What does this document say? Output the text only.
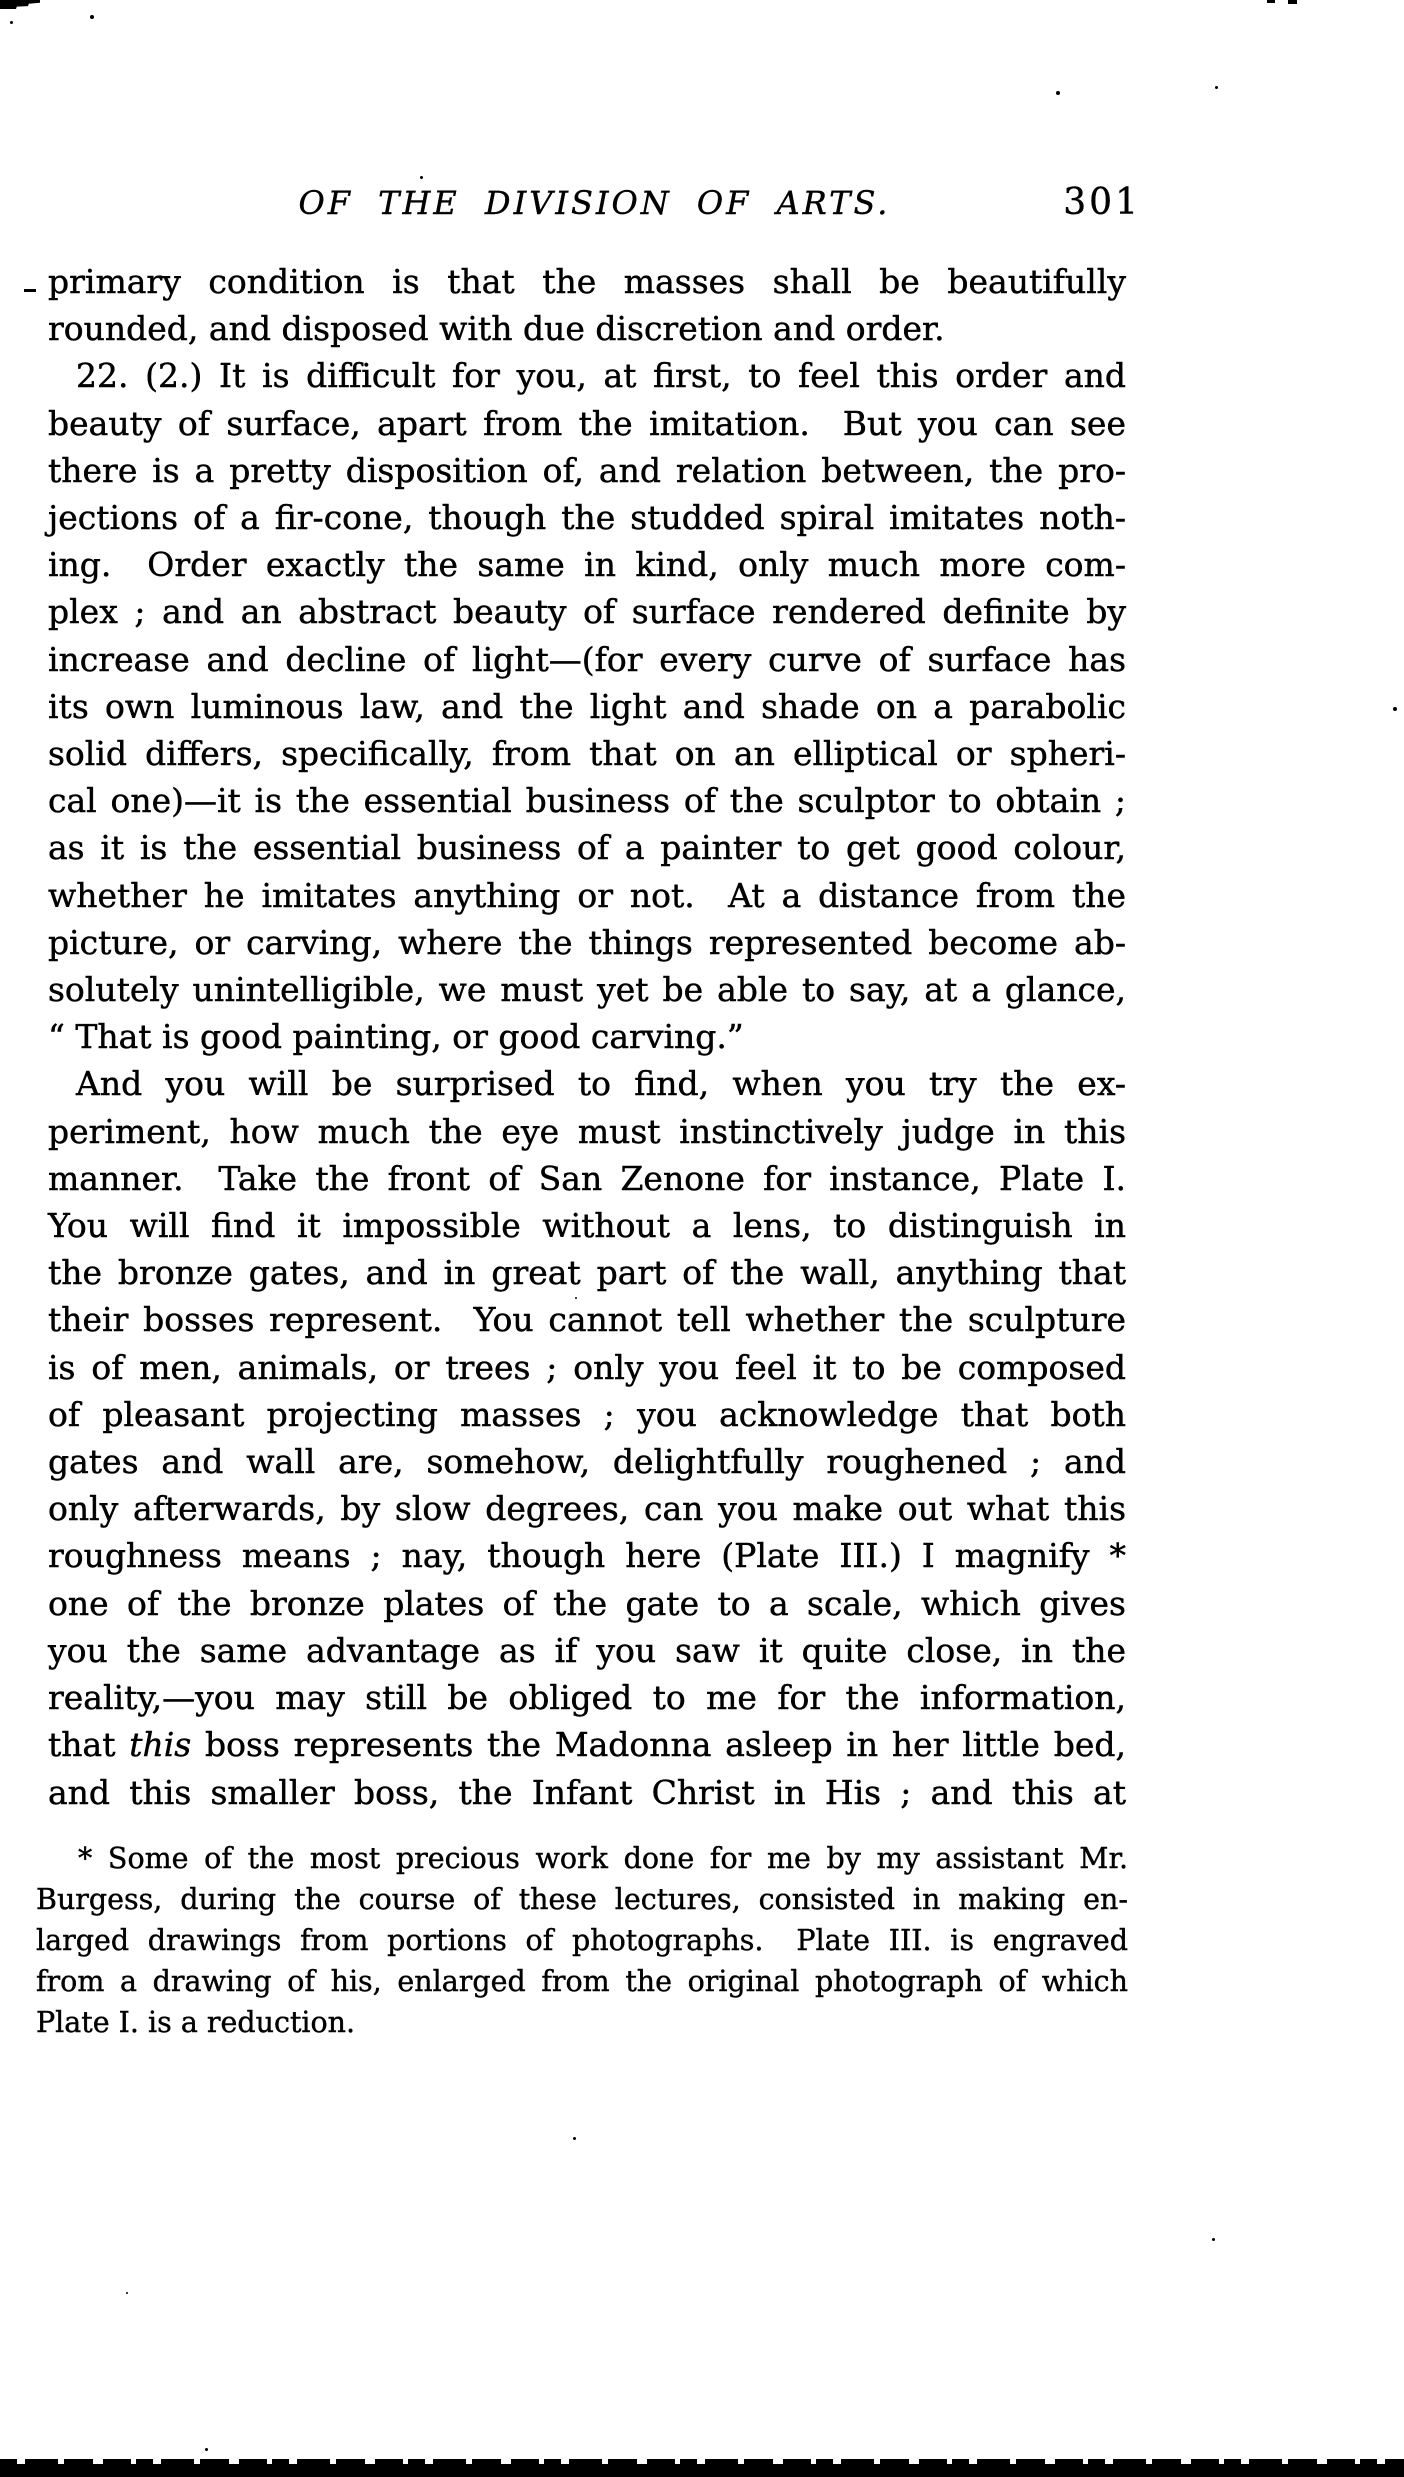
OF THE DIVISION OF ARTS.	301
primary condition is that the masses shall be beautifully
rounded, and disposed with due discretion and order.
22. (2.) It is difficult for you, at first, to feel this order and
beauty of surface, apart from the imitation.  But you can see
there is a pretty disposition of, and relation between, the pro-
jections of a fir-cone, though the studded spiral imitates noth-
ing.  Order exactly the same in kind, only much more com-
plex ; and an abstract beauty of surface rendered definite by
increase and decline of light—(for every curve of surface has
its own luminous law, and the light and shade on a parabolic
solid differs, specifically, from that on an elliptical or spheri-
cal one)—it is the essential business of the sculptor to obtain ;
as it is the essential business of a painter to get good colour,
whether he imitates anything or not.  At a distance from the
picture, or carving, where the things represented become ab-
solutely unintelligible, we must yet be able to say, at a glance,
“ That is good painting, or good carving.”
And you will be surprised to find, when you try the ex-
periment, how much the eye must instinctively judge in this
manner.  Take the front of San Zenone for instance, Plate I.
You will find it impossible without a lens, to distinguish in
the bronze gates, and in great part of the wall, anything that
their bosses represent.  You cannot tell whether the sculpture
is of men, animals, or trees ; only you feel it to be composed
of pleasant projecting masses ; you acknowledge that both
gates and wall are, somehow, delightfully roughened ; and
only afterwards, by slow degrees, can you make out what this
roughness means ; nay, though here (Plate III.) I magnify *
one of the bronze plates of the gate to a scale, which gives
you the same advantage as if you saw it quite close, in the
reality,—you may still be obliged to me for the information,
that this boss represents the Madonna asleep in her little bed,
and this smaller boss, the Infant Christ in His ; and this at
* Some of the most precious work done for me by my assistant Mr.
Burgess, during the course of these lectures, consisted in making en-
larged drawings from portions of photographs.  Plate III. is engraved
from a drawing of his, enlarged from the original photograph of which
Plate I. is a reduction.
